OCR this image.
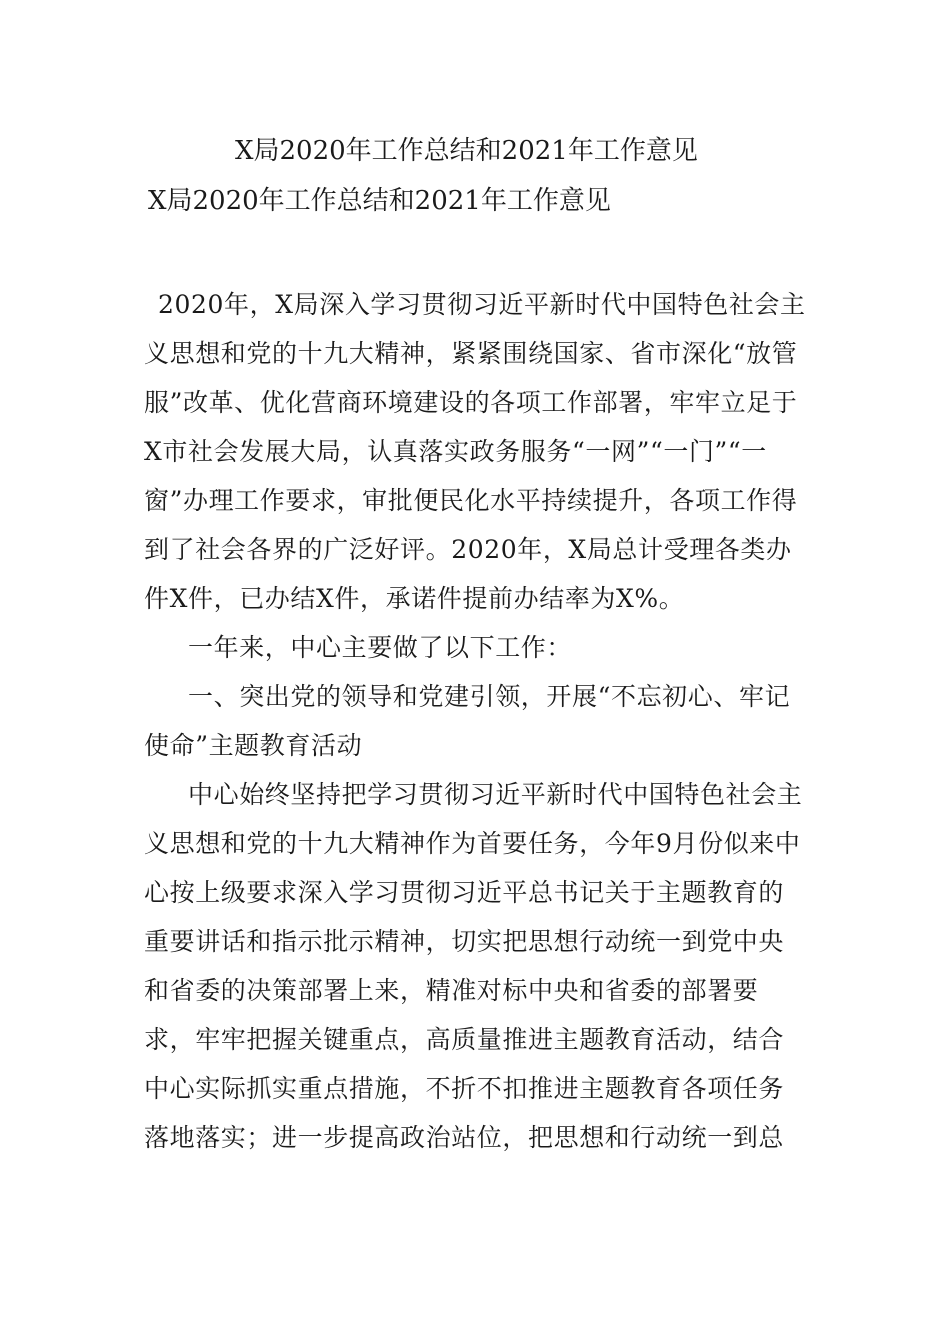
X局2020年工作总结和2021年工作意见
X局2020年工作总结和2021年工作意见

2020年，X局深入学习贯彻习近平新时代中国特色社会主义思想和党的十九大精神，紧紧围绕国家、省市深化“放管服”改革、优化营商环境建设的各项工作部署，牢牢立足于X市社会发展大局，认真落实政务服务“一网”“一门”“一窗”办理工作要求，审批便民化水平持续提升，各项工作得到了社会各界的广泛好评。2020年，X局总计受理各类办件X件，已办结X件，承诺件提前办结率为X%。

一年来，中心主要做了以下工作：

一、突出党的领导和党建引领，开展“不忘初心、牢记使命”主题教育活动

中心始终坚持把学习贯彻习近平新时代中国特色社会主义思想和党的十九大精神作为首要任务，今年9月份似来中心按上级要求深入学习贯彻习近平总书记关于主题教育的重要讲话和指示批示精神，切实把思想行动统一到党中央和省委的决策部署上来，精准对标中央和省委的部署要求，牢牢把握关键重点，高质量推进主题教育活动，结合中心实际抓实重点措施，不折不扣推进主题教育各项任务落地落实；进一步提高政治站位，把思想和行动统一到总
